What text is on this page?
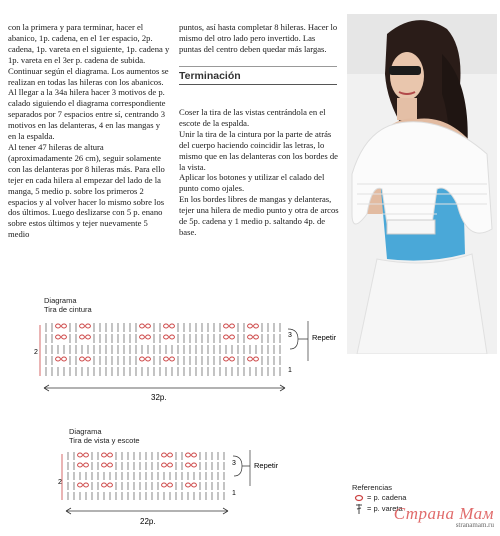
con la primera y para terminar, hacer el abanico, 1p. cadena, en el 1er espacio, 2p. cadena, 1p. vareta en el siguiente, 1p. cadena y 1p. vareta en el 3er p. cadena de subida. Continuar según el diagrama. Los aumentos se realizan en todas las hileras con los abanicos. Al llegar a la 34a hilera hacer 3 motivos de p. calado siguiendo el diagrama correspondiente separados por 7 espacios entre sí, centrando 3 motivos en las delanteras, 4 en las mangas y en la espalda.

Al tener 47 hileras de altura (aproximadamente 26 cm), seguir solamente con las delanteras por 8 hileras más. Para ello tejer en cada hilera al empezar del lado de la manga, 5 medio p. sobre los primeros 2 espacios y al volver hacer lo mismo sobre los dos últimos. Luego deslizarse con 5 p. enano sobre estos últimos y tejer nuevamente 5 medio

puntos, así hasta completar 8 hileras. Hacer lo mismo del otro lado pero invertido. Las puntas del centro deben quedar más largas.

Terminación

Coser la tira de las vistas centrándola en el escote de la espalda.

Unir la tira de la cintura por la parte de atrás del cuerpo haciendo coincidir las letras, lo mismo que en las delanteras con los bordes de la vista.

Aplicar los botones y utilizar el calado del punto como ojales.

En los bordes libres de mangas y delanteras, tejer una hilera de medio punto y otra de arcos de 5p. cadena y 1 medio p. saltando 4p. de base.

Diagrama
Tira de cintura
32p.
2
3
1
Repetir
Diagrama
Tira de vista y escote
22p.
2
3
1
Repetir
Referencias
= p. cadena
= p. vareta
Страна Мам
stranamam.ru
